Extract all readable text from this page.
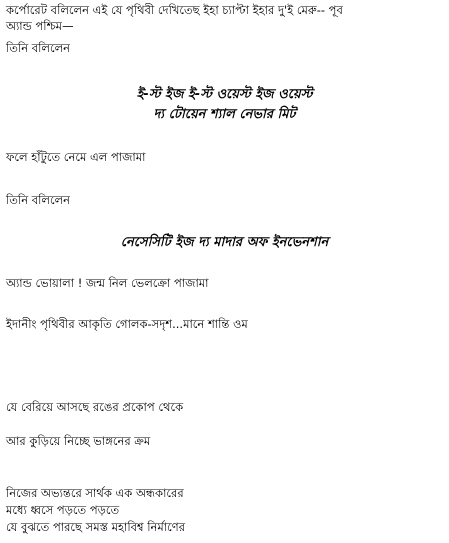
কর্পোরেট বলিলেন এই যে পৃথিবী দেখিতেছ ইহা চ্যাপ্টা ইহার দু'ই মেরু-- পূব
অ্যান্ড পশ্চিম—
তিনি বলিলেন
ই-স্ট ইজ ই-স্ট ওয়েস্ট ইজ ওয়েস্ট
দ্য টোয়েন শ্যাল নেভার মিট
ফলে হাঁটুতে নেমে এল পাজামা
তিনি বলিলেন
নেসেসিটি ইজ দ্য মাদার অফ ইনভেনশান
অ্যান্ড ভোয়ালা ! জন্ম নিল ভেলক্রো পাজামা
ইদানীং পৃথিবীর আকৃতি গোলক-সদৃশ...মানে শান্তি ওম
যে বেরিয়ে আসছে রঙের প্রকোপ থেকে
আর কুড়িয়ে নিচ্ছে ভাঙ্গনের ক্রম
নিজের অভ্যন্তরে সার্থক এক অন্ধকারের
মধ্যে ধ্বসে পড়তে পড়তে
যে বুঝতে পারছে সমস্ত মহাবিশ্ব নির্মাণের
